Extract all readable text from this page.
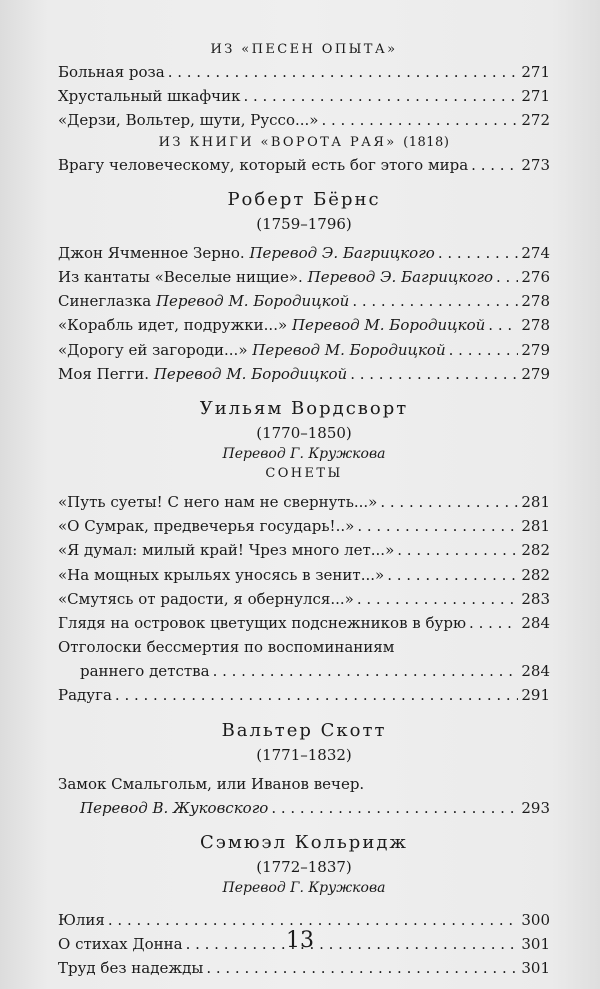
ИЗ «ПЕСЕН ОПЫТА»

Больная роза . . .	271
Хрустальный шкафчик . . .	271
«Дерзи, Вольтер, шути, Руссо...» . . .	272

ИЗ КНИГИ «ВОРОТА РАЯ» (1818)

Врагу человеческому, который есть бог этого мира . . .	273

Роберт Бёрнс

(1759–1796)

Джон Ячменное Зерно. Перевод Э. Багрицкого . . .	274
Из кантаты «Веселые нищие». Перевод Э. Багрицкого . . . 276
Синеглазка Перевод М. Бородицкой . . .	278
«Корабль идет, подружки...» Перевод М. Бородицкой . . . 278
«Дорогу ей загороди...» Перевод М. Бородицкой . . .	279
Моя Пегги. Перевод М. Бородицкой . . .	279

Уильям Вордсворт

(1770–1850)

Перевод Г. Кружкова

СОНЕТЫ

«Путь суеты! С него нам не свернуть...» . . .	281
«О Сумрак, предвечерья государь!..» . . .	281
«Я думал: милый край! Чрез много лет...» . . .	282
«На мощных крыльях уносясь в зенит...» . . .	282
«Смутясь от радости, я обернулся...» . . .	283
Глядя на островок цветущих подснежников в бурю . . .	284
Отголоски бессмертия по воспоминаниям
раннего детства . . .	284
Радуга . . .	291

Вальтер Скотт

(1771–1832)

Замок Смальгольм, или Иванов вечер.
Перевод В. Жуковского . . .	293

Сэмюэл Кольридж

(1772–1837)

Перевод Г. Кружкова

Юлия . . .	300
О стихах Донна . . .	301
Труд без надежды . . .	301
13
